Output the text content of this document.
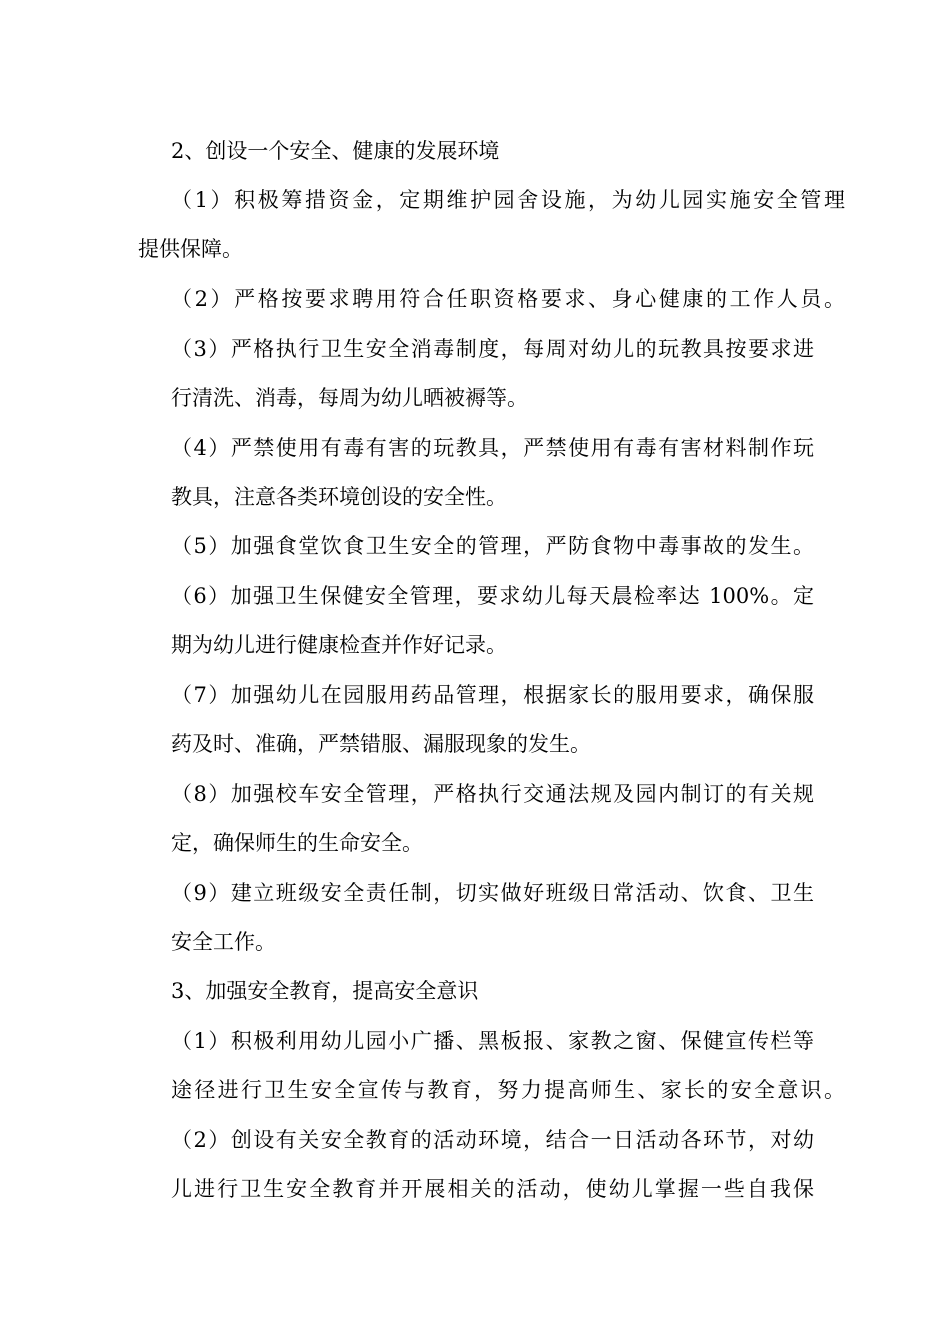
2、创设一个安全、健康的发展环境
（1）积极筹措资金，定期维护园舍设施，为幼儿园实施安全管理
提供保障。
（2）严格按要求聘用符合任职资格要求、身心健康的工作人员。
（3）严格执行卫生安全消毒制度，每周对幼儿的玩教具按要求进
行清洗、消毒，每周为幼儿晒被褥等。
（4）严禁使用有毒有害的玩教具，严禁使用有毒有害材料制作玩
教具，注意各类环境创设的安全性。
（5）加强食堂饮食卫生安全的管理，严防食物中毒事故的发生。
（6）加强卫生保健安全管理，要求幼儿每天晨检率达 100%。定
期为幼儿进行健康检查并作好记录。
（7）加强幼儿在园服用药品管理，根据家长的服用要求，确保服
药及时、准确，严禁错服、漏服现象的发生。
（8）加强校车安全管理，严格执行交通法规及园内制订的有关规
定，确保师生的生命安全。
（9）建立班级安全责任制，切实做好班级日常活动、饮食、卫生
安全工作。
3、加强安全教育，提高安全意识
（1）积极利用幼儿园小广播、黑板报、家教之窗、保健宣传栏等
途径进行卫生安全宣传与教育，努力提高师生、家长的安全意识。
（2）创设有关安全教育的活动环境，结合一日活动各环节，对幼
儿进行卫生安全教育并开展相关的活动，使幼儿掌握一些自我保
